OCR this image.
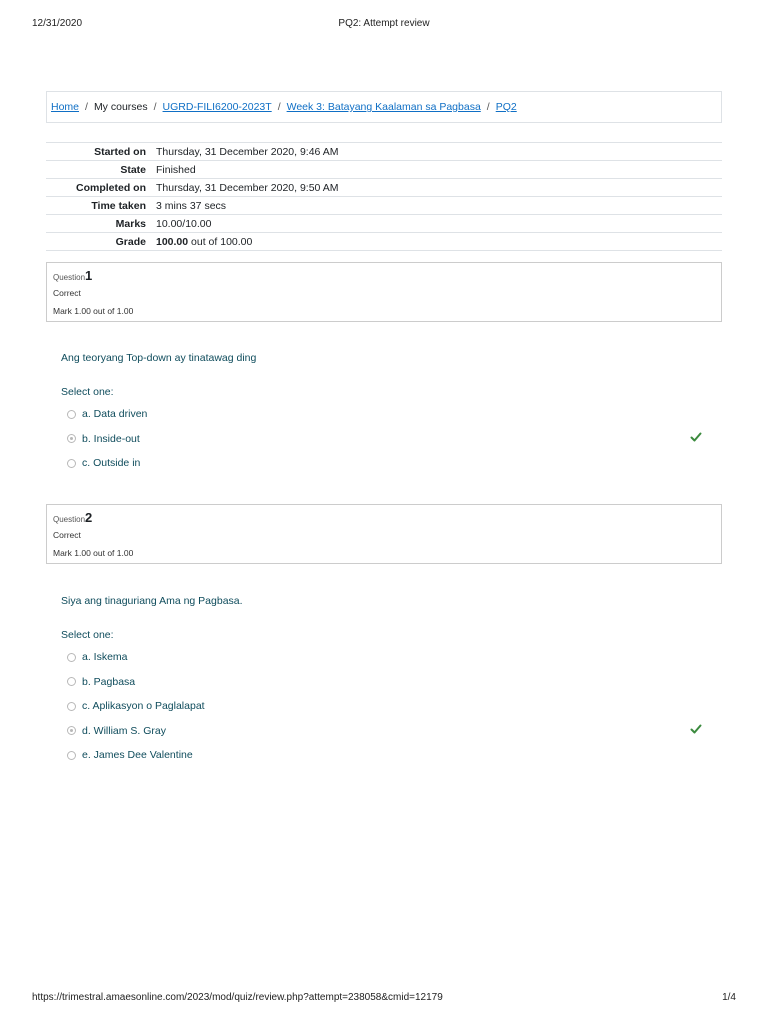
12/31/2020	PQ2: Attempt review
Home / My courses / UGRD-FILI6200-2023T / Week 3: Batayang Kaalaman sa Pagbasa / PQ2
Started on	Thursday, 31 December 2020, 9:46 AM
State	Finished
Completed on	Thursday, 31 December 2020, 9:50 AM
Time taken	3 mins 37 secs
Marks	10.00/10.00
Grade	100.00 out of 100.00
Question1
Correct
Mark 1.00 out of 1.00
Ang teoryang Top-down ay tinatawag ding
Select one:
a. Data driven
b. Inside-out
c. Outside in
Question2
Correct
Mark 1.00 out of 1.00
Siya ang tinaguriang Ama ng Pagbasa.
Select one:
a. Iskema
b. Pagbasa
c. Aplikasyon o Paglalapat
d. William S. Gray
e. James Dee Valentine
https://trimestral.amaesonline.com/2023/mod/quiz/review.php?attempt=238058&cmid=12179	1/4
